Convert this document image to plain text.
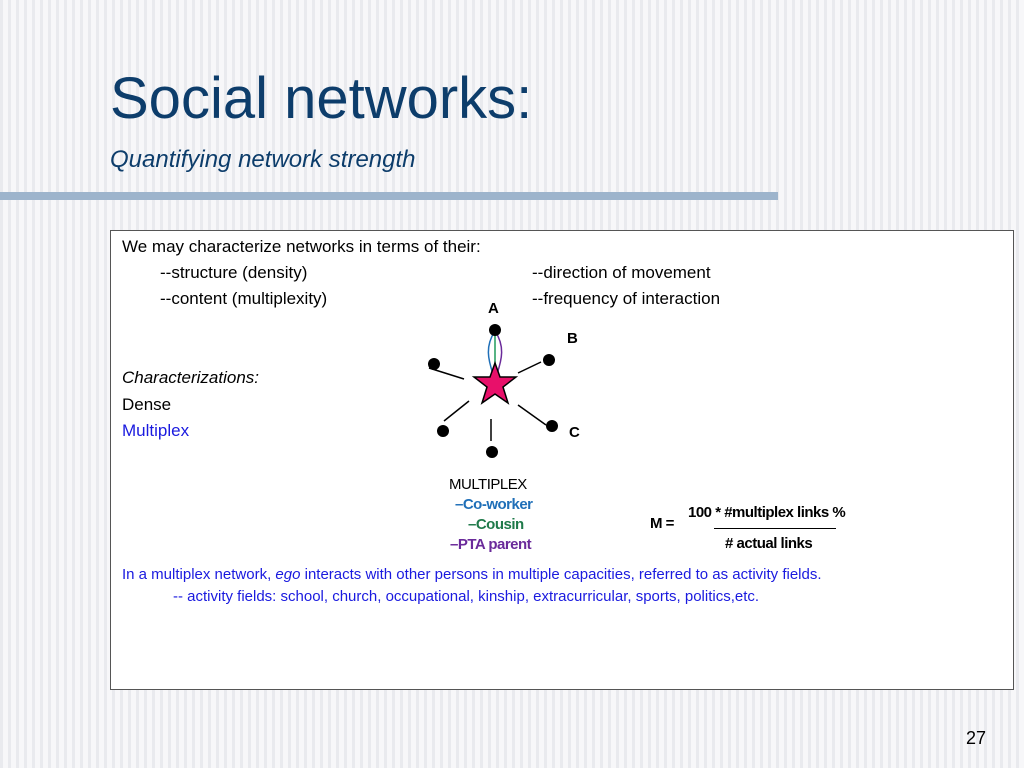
Social networks:
Quantifying network strength
We may characterize networks in terms of their:
--structure (density)
--content (multiplexity)
--direction of movement
--frequency of interaction
Characterizations:
Dense
Multiplex
A
B
C
MULTIPLEX
–Co-worker
–Cousin
–PTA parent
M =
100 * #multiplex links %
# actual links
In a multiplex network, ego interacts with other persons in multiple capacities, referred to as activity fields.
-- activity fields: school, church, occupational, kinship, extracurricular, sports, politics,etc.
27
